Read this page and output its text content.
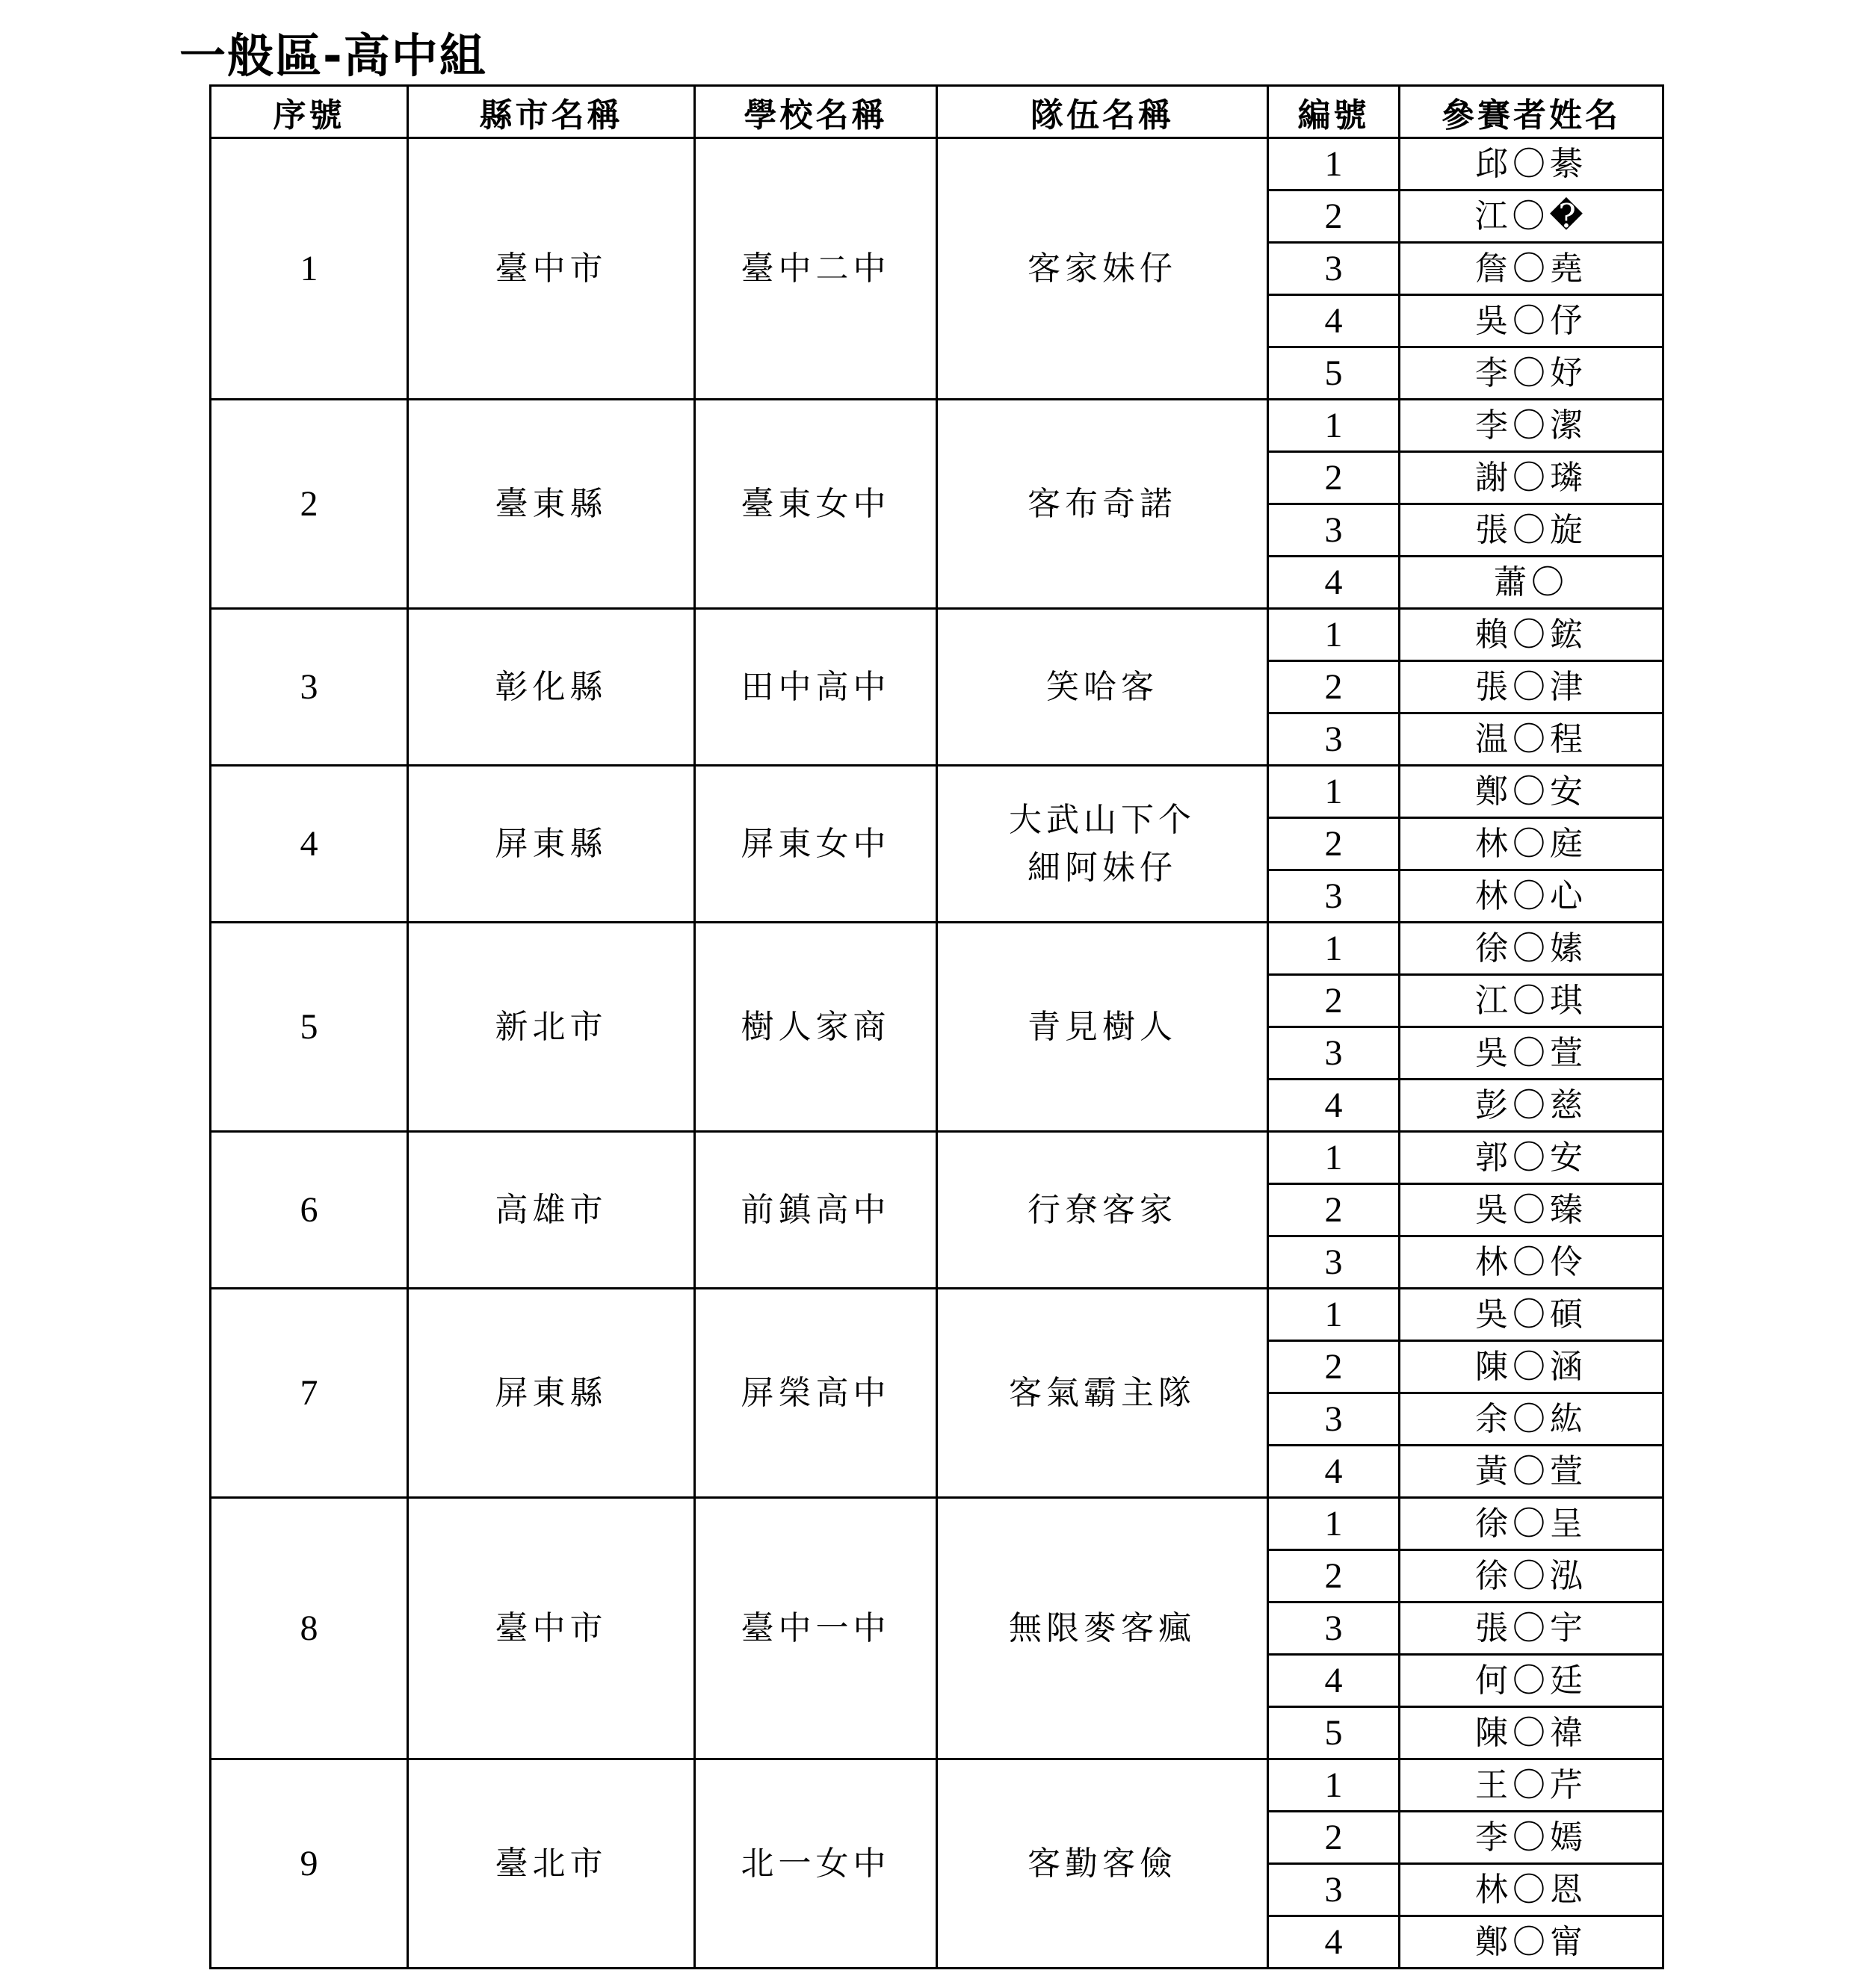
一般區-高中組
序號	縣市名稱	學校名稱	隊伍名稱	編號	參賽者姓名
1	臺中市	臺中二中	客家妹仔	1	邱〇綦
				2	江〇�
				3	詹〇堯
				4	吳〇伃
				5	李〇妤
2	臺東縣	臺東女中	客布奇諾	1	李〇潔
				2	謝〇璘
				3	張〇旋
				4	蕭〇
3	彰化縣	田中高中	笑哈客	1	賴〇鋐
				2	張〇津
				3	温〇程
4	屏東縣	屏東女中	大武山下个
細阿妹仔	1	鄭〇安
				2	林〇庭
				3	林〇心
5	新北市	樹人家商	青見樹人	1	徐〇嫊
				2	江〇琪
				3	吳〇萱
				4	彭〇慈
6	高雄市	前鎮高中	行尞客家	1	郭〇安
				2	吳〇臻
				3	林〇伶
7	屏東縣	屏榮高中	客氣霸主隊	1	吳〇碩
				2	陳〇涵
				3	余〇紘
				4	黃〇萱
8	臺中市	臺中一中	無限麥客瘋	1	徐〇呈
				2	徐〇泓
				3	張〇宇
				4	何〇廷
				5	陳〇禕
9	臺北市	北一女中	客勤客儉	1	王〇芹
				2	李〇嫣
				3	林〇恩
				4	鄭〇甯
